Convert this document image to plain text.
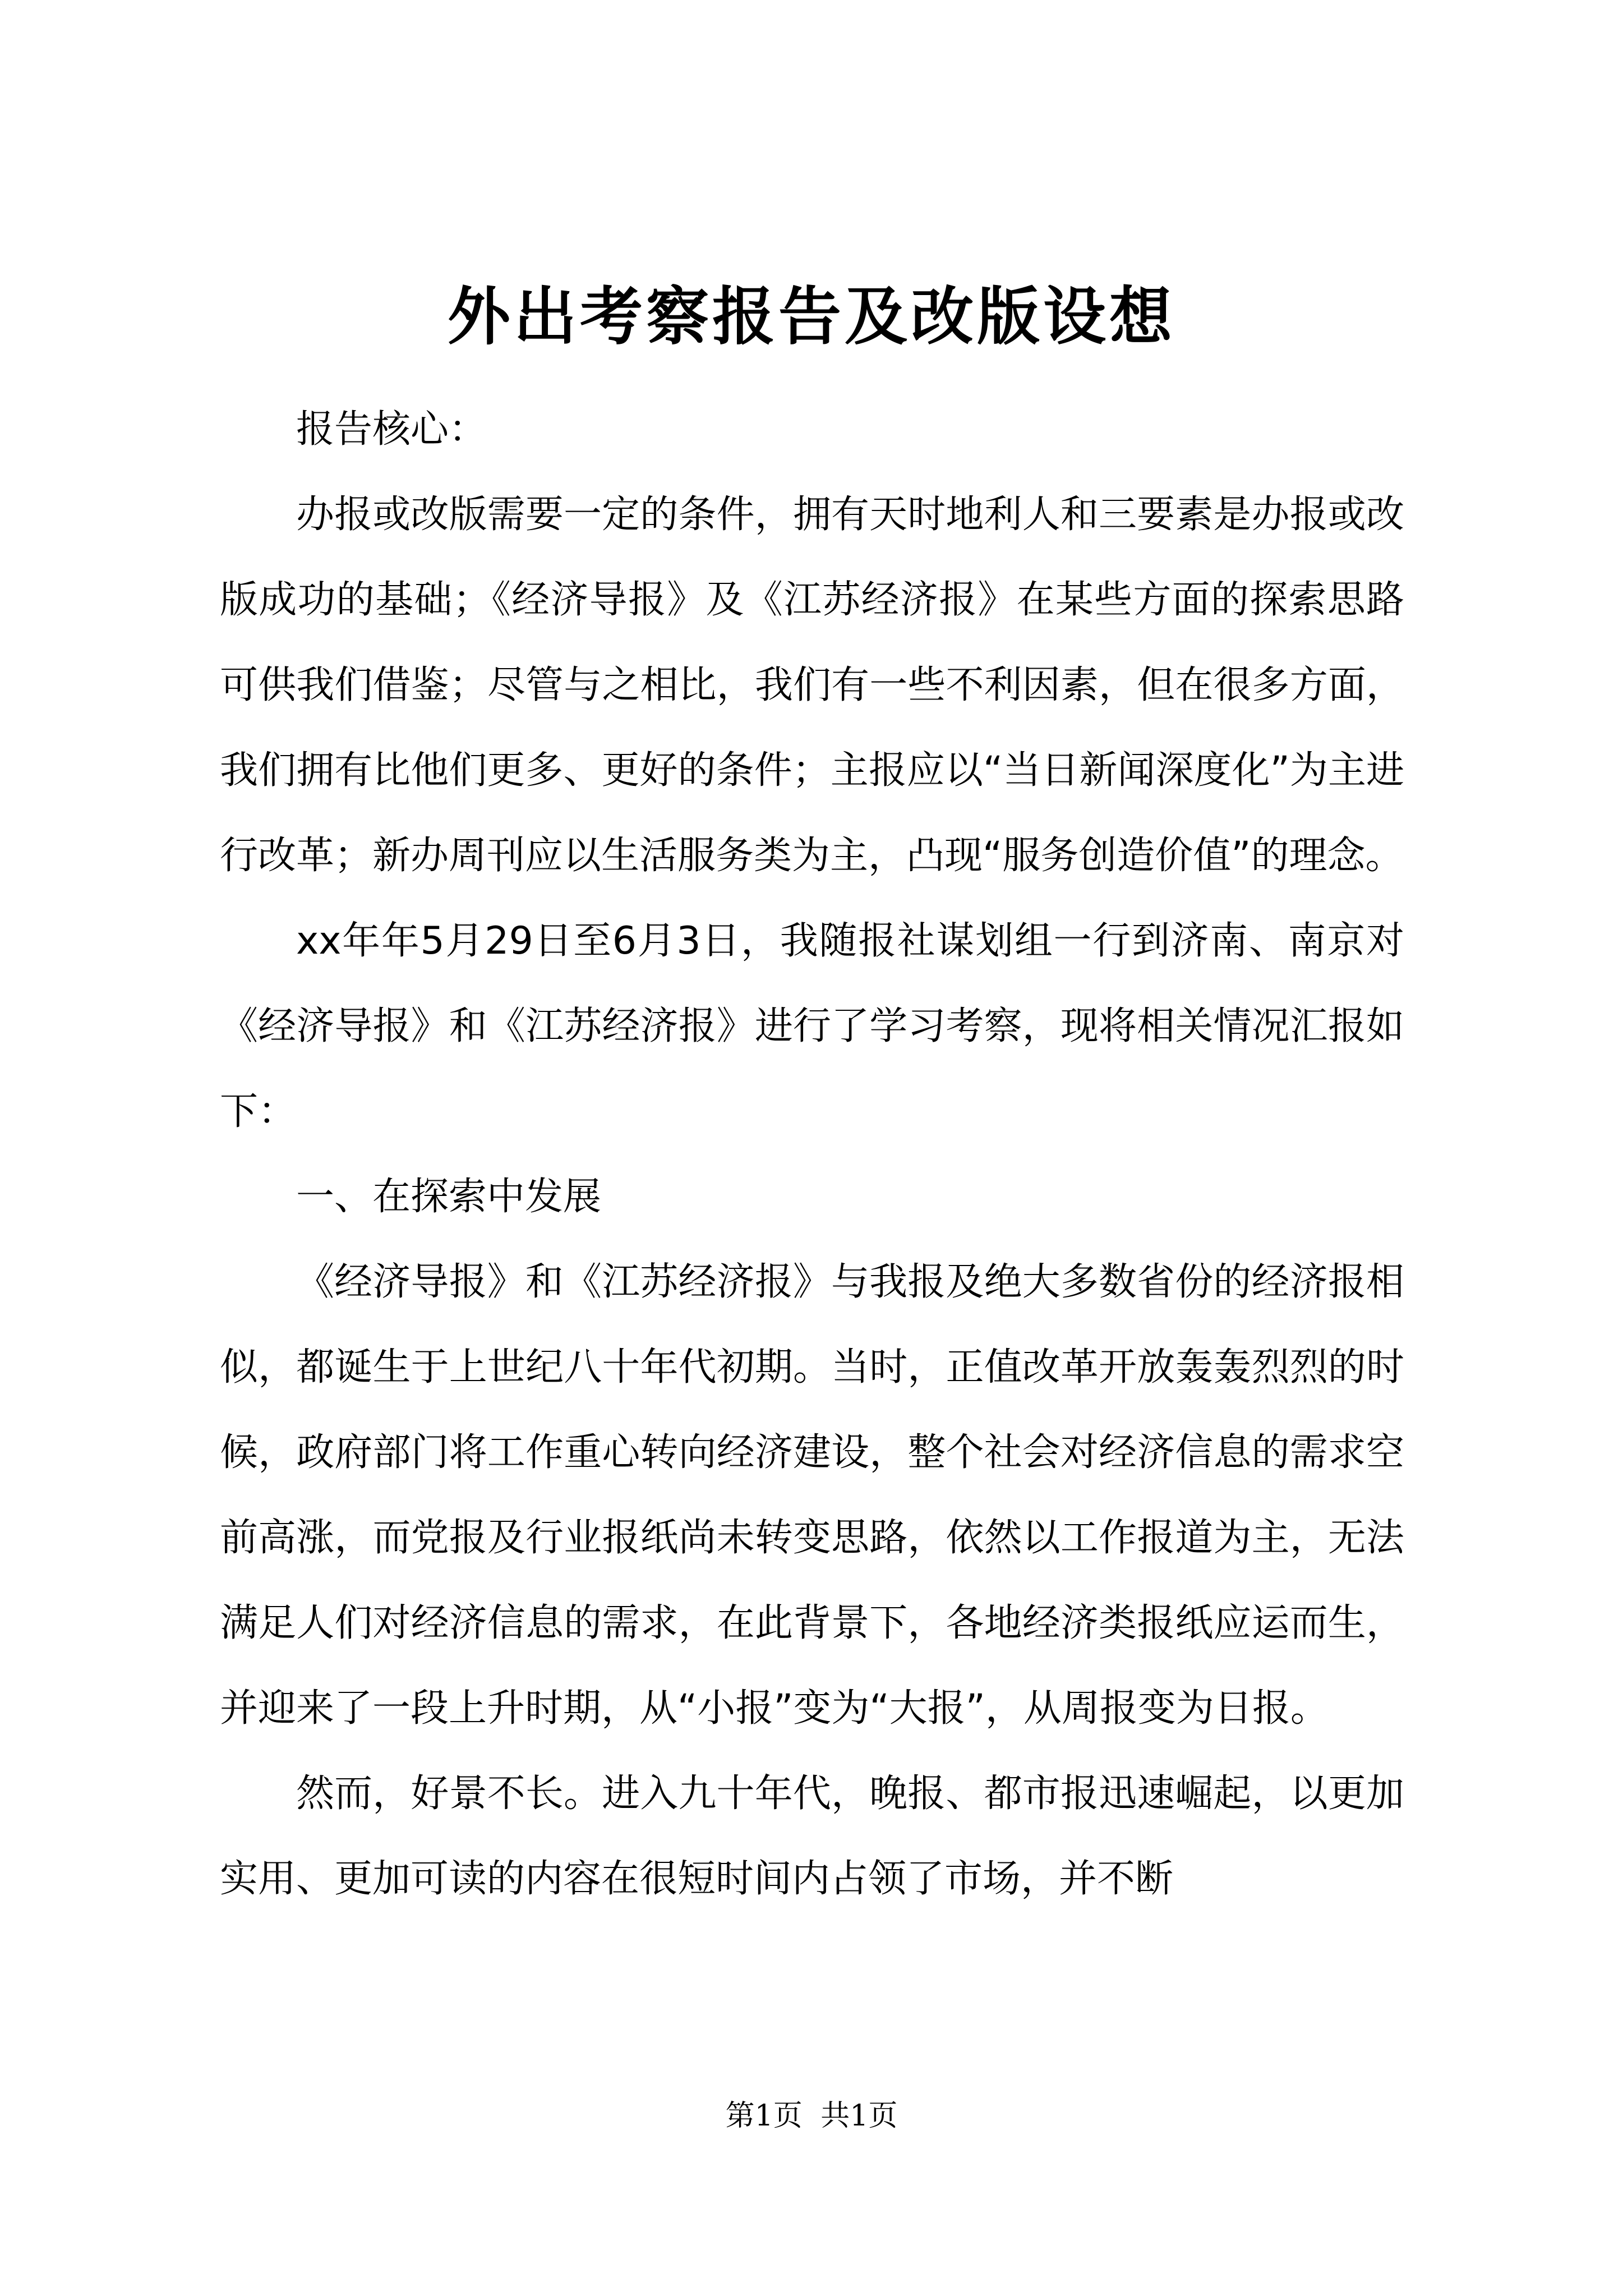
外出考察报告及改版设想

报告核心：

办报或改版需要一定的条件，拥有天时地利人和三要素是办报或改版成功的基础；《经济导报》及《江苏经济报》在某些方面的探索思路可供我们借鉴；尽管与之相比，我们有一些不利因素，但在很多方面，我们拥有比他们更多、更好的条件；主报应以“当日新闻深度化”为主进行改革；新办周刊应以生活服务类为主，凸现“服务创造价值”的理念。

xx年年5月29日至6月3日，我随报社谋划组一行到济南、南京对《经济导报》和《江苏经济报》进行了学习考察，现将相关情况汇报如下：

一、在探索中发展

《经济导报》和《江苏经济报》与我报及绝大多数省份的经济报相似，都诞生于上世纪八十年代初期。当时，正值改革开放轰轰烈烈的时候，政府部门将工作重心转向经济建设，整个社会对经济信息的需求空前高涨，而党报及行业报纸尚未转变思路，依然以工作报道为主，无法满足人们对经济信息的需求，在此背景下，各地经济类报纸应运而生，并迎来了一段上升时期，从“小报”变为“大报”，从周报变为日报。

然而，好景不长。进入九十年代，晚报、都市报迅速崛起，以更加实用、更加可读的内容在很短时间内占领了市场，并不断

第1页 共1页
